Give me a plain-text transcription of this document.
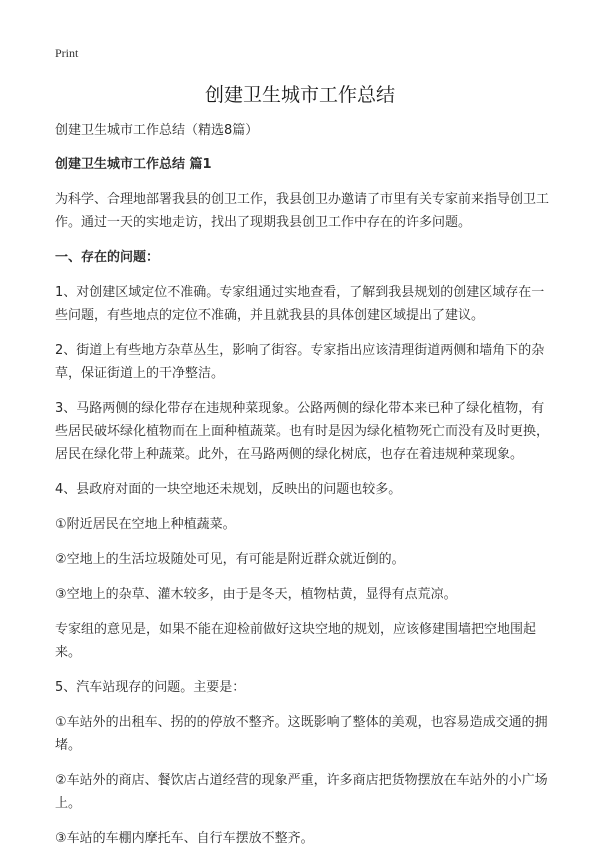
Print
创建卫生城市工作总结

创建卫生城市工作总结（精选8篇）

创建卫生城市工作总结 篇1

为科学、合理地部署我县的创卫工作，我县创卫办邀请了市里有关专家前来指导创卫工作。通过一天的实地走访，找出了现期我县创卫工作中存在的许多问题。

一、存在的问题：

1、对创建区域定位不准确。专家组通过实地查看，了解到我县规划的创建区域存在一些问题，有些地点的定位不准确，并且就我县的具体创建区域提出了建议。

2、街道上有些地方杂草丛生，影响了街容。专家指出应该清理街道两侧和墙角下的杂草，保证街道上的干净整洁。

3、马路两侧的绿化带存在违规种菜现象。公路两侧的绿化带本来已种了绿化植物，有些居民破坏绿化植物而在上面种植蔬菜。也有时是因为绿化植物死亡而没有及时更换，居民在绿化带上种蔬菜。此外，在马路两侧的绿化树底，也存在着违规种菜现象。

4、县政府对面的一块空地还未规划，反映出的问题也较多。

①附近居民在空地上种植蔬菜。

②空地上的生活垃圾随处可见，有可能是附近群众就近倒的。

③空地上的杂草、灌木较多，由于是冬天，植物枯黄，显得有点荒凉。

专家组的意见是，如果不能在迎检前做好这块空地的规划，应该修建围墙把空地围起来。

5、汽车站现存的问题。主要是：

①车站外的出租车、拐的的停放不整齐。这既影响了整体的美观，也容易造成交通的拥堵。

②车站外的商店、餐饮店占道经营的现象严重，许多商店把货物摆放在车站外的小广场上。

③车站的车棚内摩托车、自行车摆放不整齐。
